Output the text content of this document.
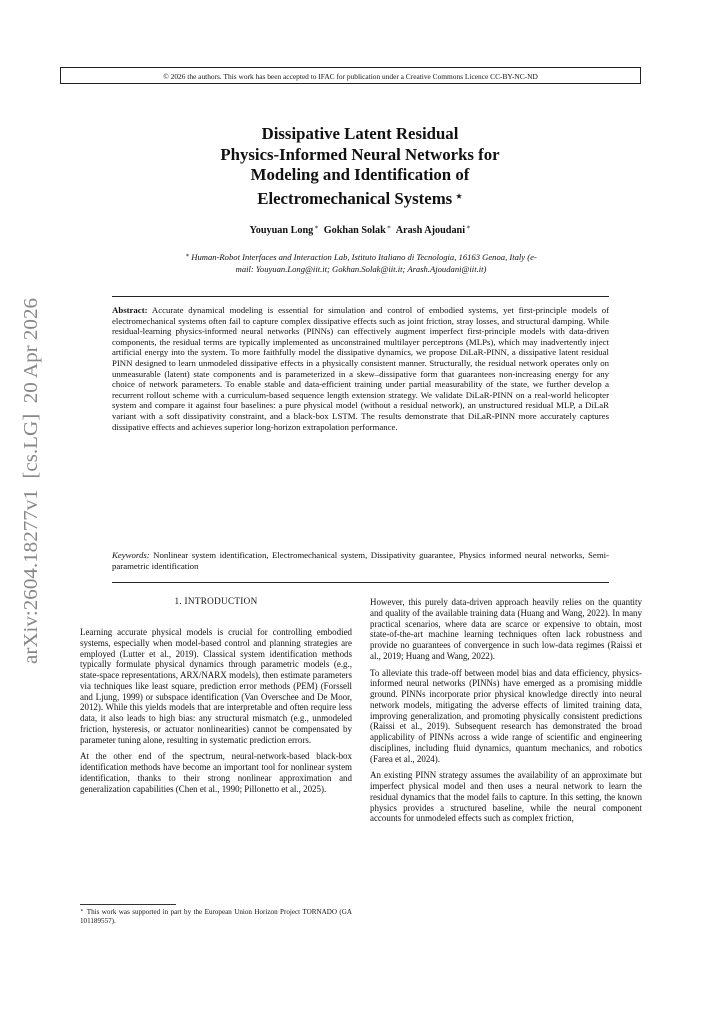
© 2026 the authors. This work has been accepted to IFAC for publication under a Creative Commons Licence CC-BY-NC-ND
Dissipative Latent Residual
Physics-Informed Neural Networks for
Modeling and Identification of
Electromechanical Systems ⋆
Youyuan Long∗ Gokhan Solak∗ Arash Ajoudani∗
∗ Human-Robot Interfaces and Interaction Lab, Istituto Italiano di Tecnologia, 16163 Genoa, Italy (e-mail: Youyuan.Long@iit.it; Gokhan.Solak@iit.it; Arash.Ajoudani@iit.it)
Abstract: Accurate dynamical modeling is essential for simulation and control of embodied systems, yet first-principle models of electromechanical systems often fail to capture complex dissipative effects such as joint friction, stray losses, and structural damping. While residual-learning physics-informed neural networks (PINNs) can effectively augment imperfect first-principle models with data-driven components, the residual terms are typically implemented as unconstrained multilayer perceptrons (MLPs), which may inadvertently inject artificial energy into the system. To more faithfully model the dissipative dynamics, we propose DiLaR-PINN, a dissipative latent residual PINN designed to learn unmodeled dissipative effects in a physically consistent manner. Structurally, the residual network operates only on unmeasurable (latent) state components and is parameterized in a skew–dissipative form that guarantees non-increasing energy for any choice of network parameters. To enable stable and data-efficient training under partial measurability of the state, we further develop a recurrent rollout scheme with a curriculum-based sequence length extension strategy. We validate DiLaR-PINN on a real-world helicopter system and compare it against four baselines: a pure physical model (without a residual network), an unstructured residual MLP, a DiLaR variant with a soft dissipativity constraint, and a black-box LSTM. The results demonstrate that DiLaR-PINN more accurately captures dissipative effects and achieves superior long-horizon extrapolation performance.
Keywords: Nonlinear system identification, Electromechanical system, Dissipativity guarantee, Physics informed neural networks, Semi-parametric identification
arXiv:2604.18277v1  [cs.LG]  20 Apr 2026	1. INTRODUCTION

Learning accurate physical models is crucial for controlling embodied systems, especially when model-based control and planning strategies are employed (Lutter et al., 2019). Classical system identification methods typically formulate physical dynamics through parametric models (e.g., state-space representations, ARX/NARX models), then estimate parameters via techniques like least square, prediction error methods (PEM) (Forssell and Ljung, 1999) or subspace identification (Van Overschee and De Moor, 2012). While this yields models that are interpretable and often require less data, it also leads to high bias: any structural mismatch (e.g., unmodeled friction, hysteresis, or actuator nonlinearities) cannot be compensated by parameter tuning alone, resulting in systematic prediction errors.

At the other end of the spectrum, neural-network-based black-box identification methods have become an important tool for nonlinear system identification, thanks to their strong nonlinear approximation and generalization capabilities (Chen et al., 1990; Pillonetto et al., 2025).

⋆ This work was supported in part by the European Union Horizon Project TORNADO (GA 101189557).

However, this purely data-driven approach heavily relies on the quantity and quality of the available training data (Huang and Wang, 2022). In many practical scenarios, where data are scarce or expensive to obtain, most state-of-the-art machine learning techniques often lack robustness and provide no guarantees of convergence in such low-data regimes (Raissi et al., 2019; Huang and Wang, 2022).

To alleviate this trade-off between model bias and data efficiency, physics-informed neural networks (PINNs) have emerged as a promising middle ground. PINNs incorporate prior physical knowledge directly into neural network models, mitigating the adverse effects of limited training data, improving generalization, and promoting physically consistent predictions (Raissi et al., 2019). Subsequent research has demonstrated the broad applicability of PINNs across a wide range of scientific and engineering disciplines, including fluid dynamics, quantum mechanics, and robotics (Farea et al., 2024).

An existing PINN strategy assumes the availability of an approximate but imperfect physical model and then uses a neural network to learn the residual dynamics that the model fails to capture. In this setting, the known physics provides a structured baseline, while the neural component accounts for unmodeled effects such as complex friction,
